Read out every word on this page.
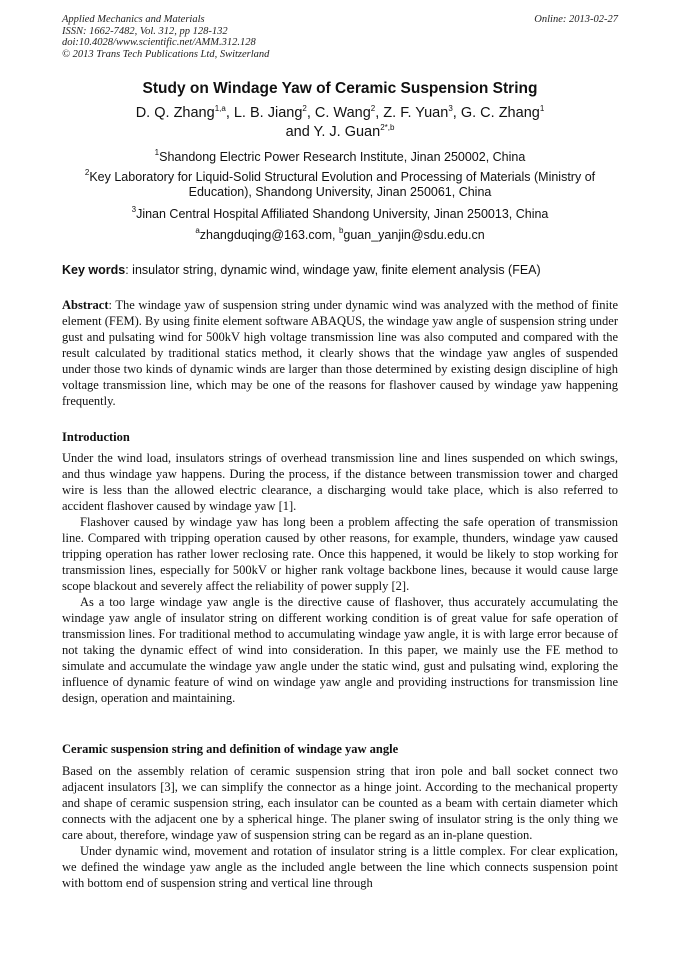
Applied Mechanics and Materials
ISSN: 1662-7482, Vol. 312, pp 128-132
doi:10.4028/www.scientific.net/AMM.312.128
© 2013 Trans Tech Publications Ltd, Switzerland
Online: 2013-02-27
Study on Windage Yaw of Ceramic Suspension String
D. Q. Zhang$^{1,a}$, L. B. Jiang$^2$, C. Wang$^2$, Z. F. Yuan$^3$, G. C. Zhang$^1$
and Y. J. Guan$^{2*,b}$
$^1$Shandong Electric Power Research Institute, Jinan 250002, China
$^2$Key Laboratory for Liquid-Solid Structural Evolution and Processing of Materials (Ministry of Education), Shandong University, Jinan 250061, China
$^3$Jinan Central Hospital Affiliated Shandong University, Jinan 250013, China
$^a$zhangduqing@163.com, $^b$guan_yanjin@sdu.edu.cn
Key words: insulator string, dynamic wind, windage yaw, finite element analysis (FEA)

Abstract: The windage yaw of suspension string under dynamic wind was analyzed with the method of finite element (FEM). By using finite element software ABAQUS, the windage yaw angle of suspension string under gust and pulsating wind for 500kV high voltage transmission line was also computed and compared with the result calculated by traditional statics method, it clearly shows that the windage yaw angles of suspended under those two kinds of dynamic winds are larger than those determined by existing design discipline of high voltage transmission line, which may be one of the reasons for flashover caused by windage yaw happening frequently.

Introduction

Under the wind load, insulators strings of overhead transmission line and lines suspended on which swings, and thus windage yaw happens. During the process, if the distance between transmission tower and charged wire is less than the allowed electric clearance, a discharging would take place, which is also referred to accident flashover caused by windage yaw [1].

Flashover caused by windage yaw has long been a problem affecting the safe operation of transmission line. Compared with tripping operation caused by other reasons, for example, thunders, windage yaw caused tripping operation has rather lower reclosing rate. Once this happened, it would be likely to stop working for transmission lines, especially for 500kV or higher rank voltage backbone lines, because it would cause large scope blackout and severely affect the reliability of power supply [2].

As a too large windage yaw angle is the directive cause of flashover, thus accurately accumulating the windage yaw angle of insulator string on different working condition is of great value for safe operation of transmission lines. For traditional method to accumulating windage yaw angle, it is with large error because of not taking the dynamic effect of wind into consideration. In this paper, we mainly use the FE method to simulate and accumulate the windage yaw angle under the static wind, gust and pulsating wind, exploring the influence of dynamic feature of wind on windage yaw angle and providing instructions for transmission line design, operation and maintaining.

Ceramic suspension string and definition of windage yaw angle

Based on the assembly relation of ceramic suspension string that iron pole and ball socket connect two adjacent insulators [3], we can simplify the connector as a hinge joint. According to the mechanical property and shape of ceramic suspension string, each insulator can be counted as a beam with certain diameter which connects with the adjacent one by a spherical hinge. The planer swing of insulator string is the only thing we care about, therefore, windage yaw of suspension string can be regard as an in-plane question.

Under dynamic wind, movement and rotation of insulator string is a little complex. For clear explication, we defined the windage yaw angle as the included angle between the line which connects suspension point with bottom end of suspension string and vertical line through
